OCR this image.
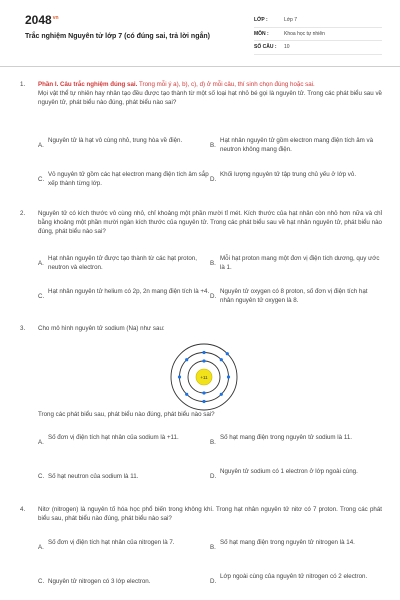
$2048^{vn}$
Trắc nghiệm Nguyên tử lớp 7 (có đúng sai, trả lời ngắn)
LỚP :	Lớp 7
MÔN :	Khoa học tự nhiên
SỐ CÂU :	10
1. Phần I. Câu trắc nghiệm đúng sai. Trong mỗi ý a), b), c), d) ở mỗi câu, thí sinh chọn đúng hoặc sai.
Mọi vật thể tự nhiên hay nhân tạo đều được tạo thành từ một số loại hạt nhỏ bé gọi là nguyên tử. Trong các phát biểu sau về nguyên tử, phát biểu nào đúng, phát biểu nào sai?
A.
Nguyên tử là hạt vô cùng nhỏ, trung hòa về điện.
B.
Hạt nhân nguyên tử gồm electron mang điện tích âm và neutron không mang điện.
C.
Vỏ nguyên tử gồm các hạt electron mang điện tích âm sắp xếp thành từng lớp.
D.
Khối lượng nguyên tử tập trung chủ yếu ở lớp vỏ.
2. Nguyên tử có kích thước vô cùng nhỏ, chỉ khoảng một phần mười tỉ mét. Kích thước của hạt nhân còn nhỏ hơn nữa và chỉ bằng khoảng một phần mười ngàn kích thước của nguyên tử. Trong các phát biểu sau về hạt nhân nguyên tử, phát biểu nào đúng, phát biểu nào sai?
A.
Hạt nhân nguyên tử được tạo thành từ các hạt proton, neutron và electron.
B.
Mỗi hạt proton mang một đơn vị điện tích dương, quy ước là 1.
C.
Hạt nhân nguyên tử helium có 2p, 2n mang điện tích là +4.
D.
Nguyên tử oxygen có 8 proton, số đơn vị điện tích hạt nhân nguyên tử oxygen là 8.
3. Cho mô hình nguyên tử sodium (Na) như sau:
+11
Trong các phát biểu sau, phát biểu nào đúng, phát biểu nào sai?
A.
Số đơn vị điện tích hạt nhân của sodium là +11.
B.
Số hạt mang điện trong nguyên tử sodium là 11.
C. Số hạt neutron của sodium là 11.	D.
Nguyên tử sodium có 1 electron ở lớp ngoài cùng.
4. Nitơ (nitrogen) là nguyên tố hóa học phổ biến trong không khí. Trong hạt nhân nguyên tử nitơ có 7 proton. Trong các phát biểu sau, phát biểu nào đúng, phát biểu nào sai?
A.
Số đơn vị điện tích hạt nhân của nitrogen là 7.
B.
Số hạt mang điện trong nguyên tử nitrogen là 14.
C. Nguyên tử nitrogen có 3 lớp electron.	D.
Lớp ngoài cùng của nguyên tử nitrogen có 2 electron.
